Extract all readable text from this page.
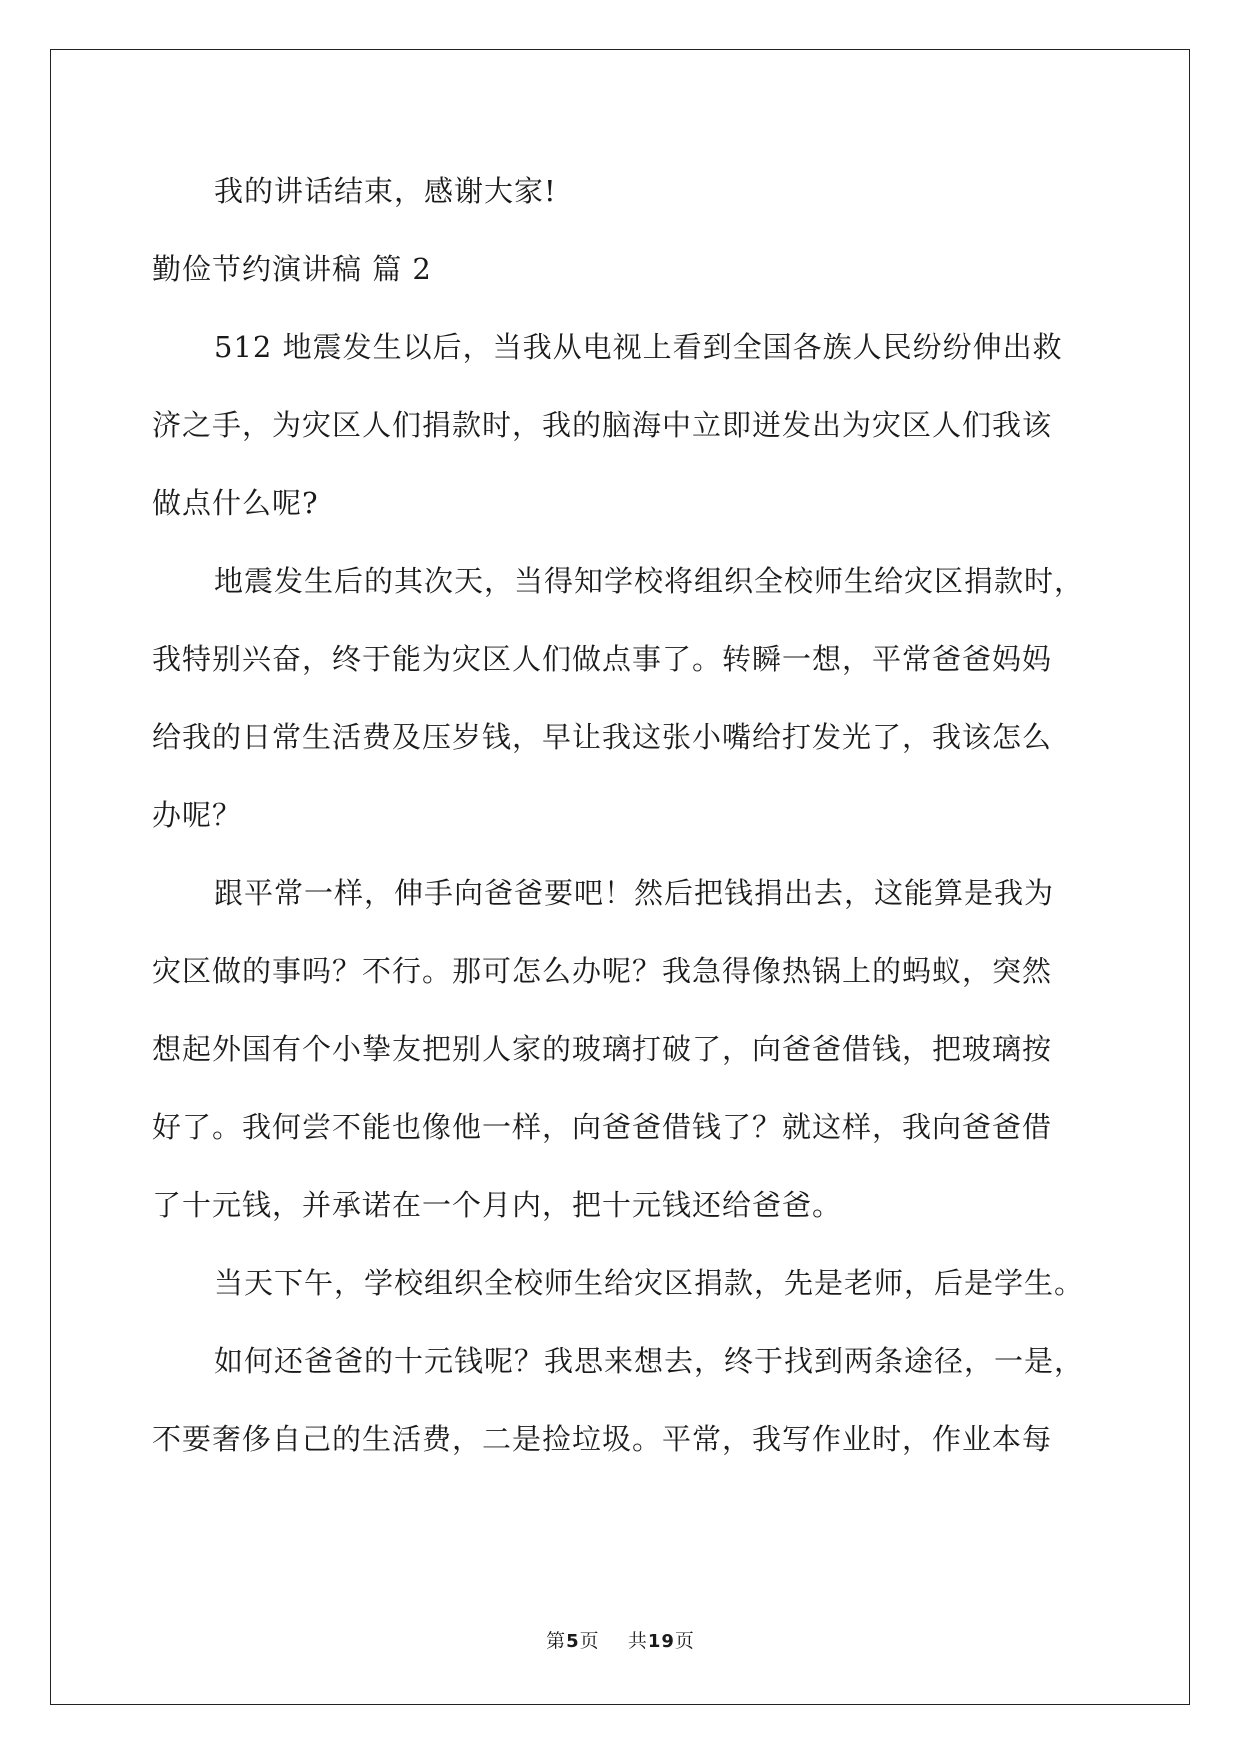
我的讲话结束，感谢大家!

勤俭节约演讲稿 篇 2

512 地震发生以后，当我从电视上看到全国各族人民纷纷伸出救

济之手，为灾区人们捐款时，我的脑海中立即迸发出为灾区人们我该

做点什么呢?

地震发生后的其次天，当得知学校将组织全校师生给灾区捐款时，

我特别兴奋，终于能为灾区人们做点事了。转瞬一想，平常爸爸妈妈

给我的日常生活费及压岁钱，早让我这张小嘴给打发光了，我该怎么

办呢？

跟平常一样，伸手向爸爸要吧！然后把钱捐出去，这能算是我为

灾区做的事吗？不行。那可怎么办呢？我急得像热锅上的蚂蚁，突然

想起外国有个小挚友把别人家的玻璃打破了，向爸爸借钱，把玻璃按

好了。我何尝不能也像他一样，向爸爸借钱了？就这样，我向爸爸借

了十元钱，并承诺在一个月内，把十元钱还给爸爸。

当天下午，学校组织全校师生给灾区捐款，先是老师，后是学生。

如何还爸爸的十元钱呢？我思来想去，终于找到两条途径，一是，

不要奢侈自己的生活费，二是捡垃圾。平常，我写作业时，作业本每

第5页 共19页
